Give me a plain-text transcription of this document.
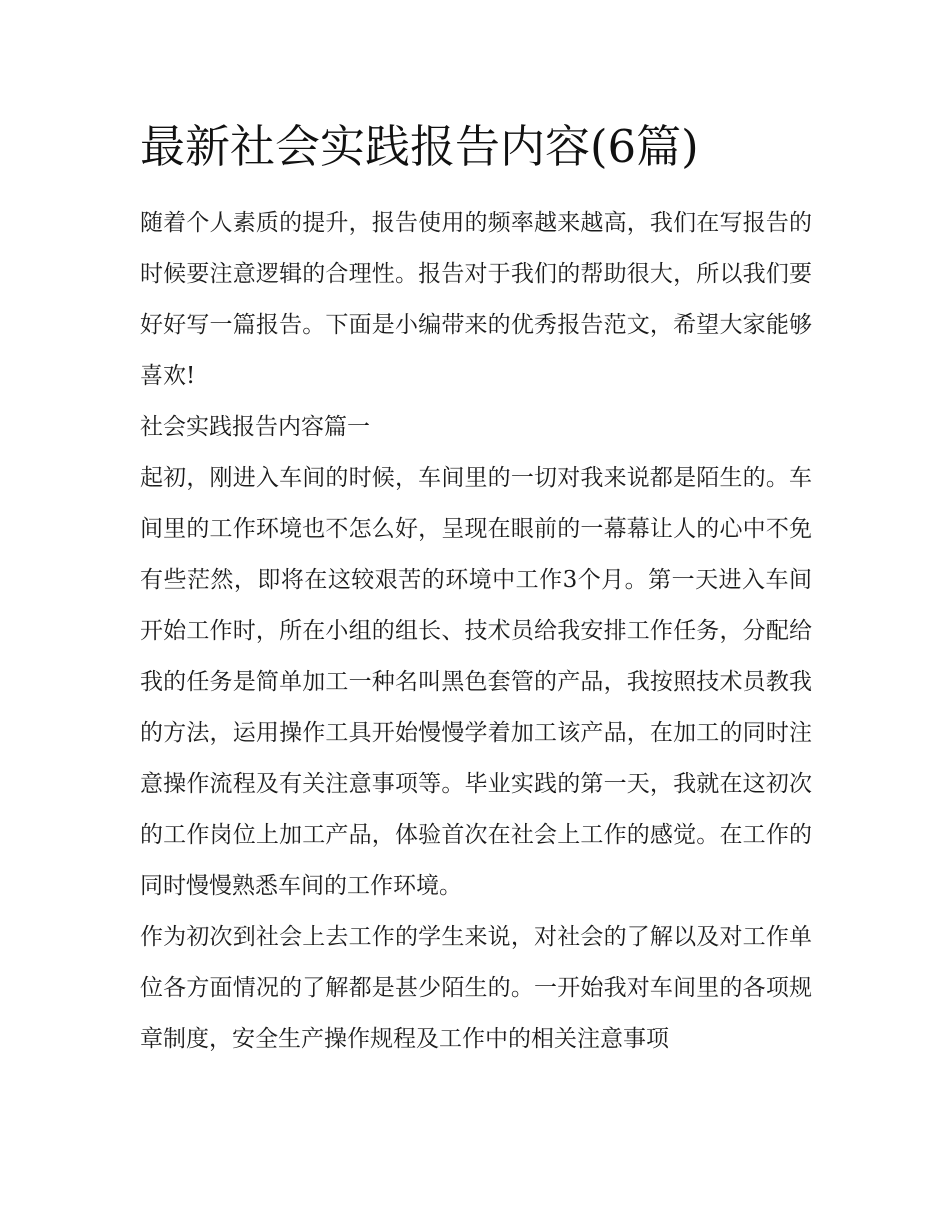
最新社会实践报告内容(6篇)

随着个人素质的提升，报告使用的频率越来越高，我们在写报告的时候要注意逻辑的合理性。报告对于我们的帮助很大，所以我们要好好写一篇报告。下面是小编带来的优秀报告范文，希望大家能够喜欢!

社会实践报告内容篇一

起初，刚进入车间的时候，车间里的一切对我来说都是陌生的。车间里的工作环境也不怎么好，呈现在眼前的一幕幕让人的心中不免有些茫然，即将在这较艰苦的环境中工作3个月。第一天进入车间开始工作时，所在小组的组长、技术员给我安排工作任务，分配给我的任务是简单加工一种名叫黑色套管的产品，我按照技术员教我的方法，运用操作工具开始慢慢学着加工该产品，在加工的同时注意操作流程及有关注意事项等。毕业实践的第一天，我就在这初次的工作岗位上加工产品，体验首次在社会上工作的感觉。在工作的同时慢慢熟悉车间的工作环境。

作为初次到社会上去工作的学生来说，对社会的了解以及对工作单位各方面情况的了解都是甚少陌生的。一开始我对车间里的各项规章制度，安全生产操作规程及工作中的相关注意事项
